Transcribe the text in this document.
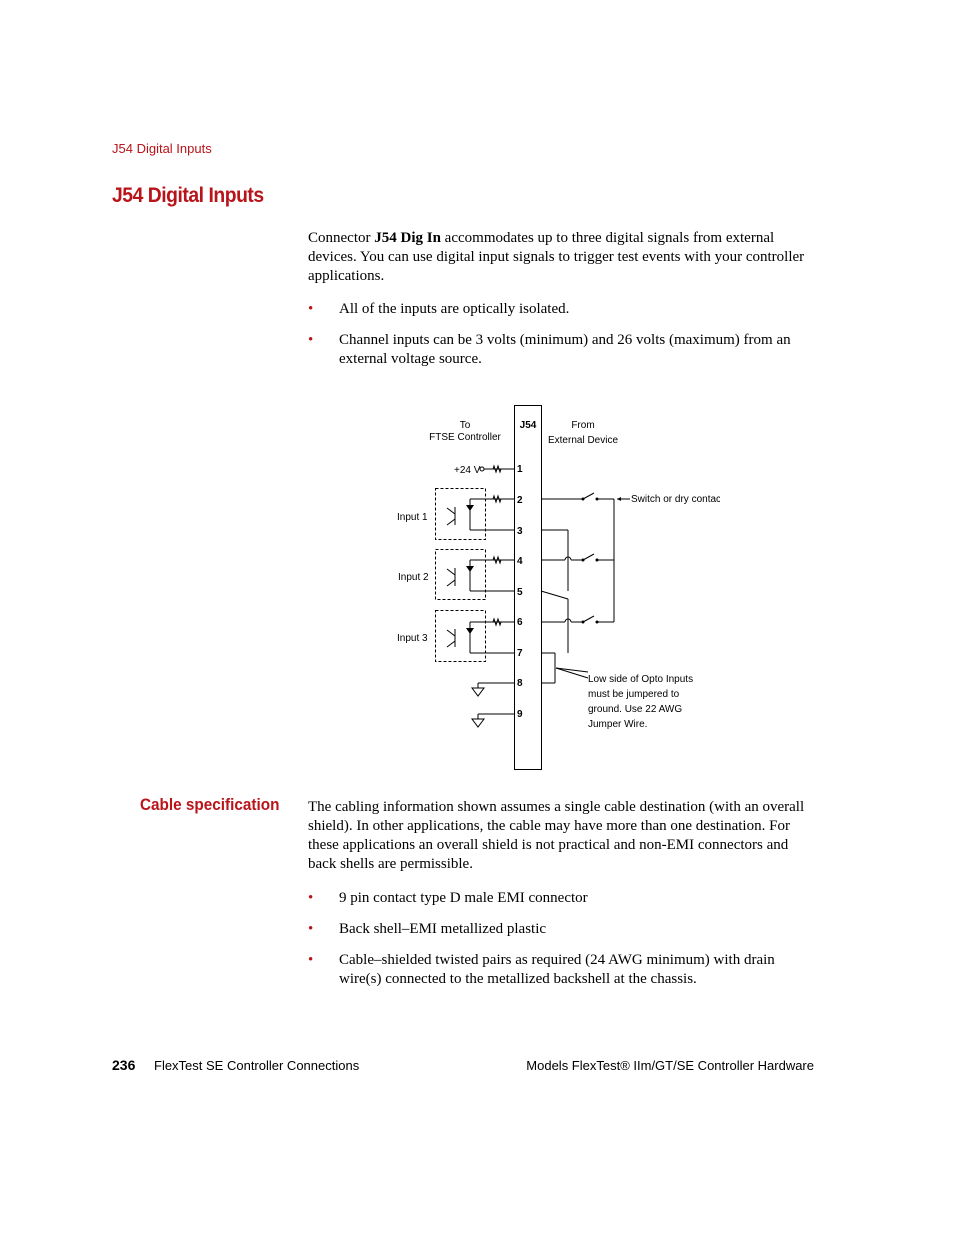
J54 Digital Inputs
J54 Digital Inputs
Connector J54 Dig In accommodates up to three digital signals from external devices. You can use digital input signals to trigger test events with your controller applications.
• All of the inputs are optically isolated.
• Channel inputs can be 3 volts (minimum) and 26 volts (maximum) from an external voltage source.
To
FTSE Controller
J54	From
External Device
+24 V	1
2
3
4
5
6
7
8
9
Input 1
Input 2
Input 3
Switch or dry contact.
Low side of Opto Inputs
must be jumpered to
ground. Use 22 AWG
Jumper Wire.
Cable specification The cabling information shown assumes a single cable destination (with an overall shield). In other applications, the cable may have more than one destination. For these applications an overall shield is not practical and non-EMI connectors and back shells are permissible.
• 9 pin contact type D male EMI connector
• Back shell–EMI metallized plastic
• Cable–shielded twisted pairs as required (24 AWG minimum) with drain wire(s) connected to the metallized backshell at the chassis.
236 FlexTest SE Controller Connections	Models FlexTest® IIm/GT/SE Controller Hardware
